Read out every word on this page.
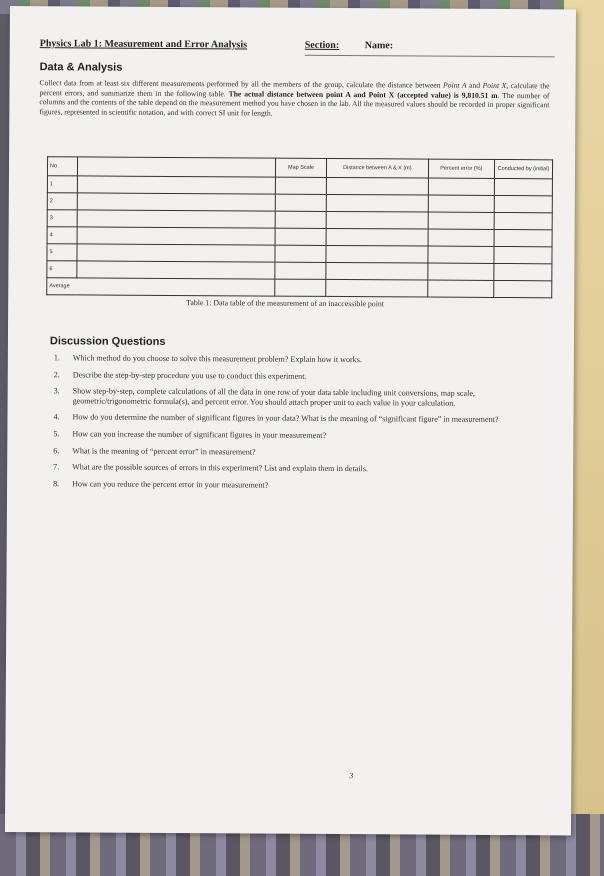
Physics Lab 1: Measurement and Error Analysis	Section:	Name:
Data & Analysis
Collect data from at least six different measurements performed by all the members of the group, calculate the distance between Point A and Point X, calculate the percent errors, and summarize them in the following table. The actual distance between point A and Point X (accepted value) is 9,810.51 m. The number of columns and the contents of the table depend on the measurement method you have chosen in the lab. All the measured values should be recorded in proper significant figures, represented in scientific notation, and with correct SI unit for length.
No		Map Scale	Distance between A & X (m)	Percent error (%)	Conducted by (initial)
1					
2					
3					
4					
5					
6					
Average					
Table 1: Data table of the measurement of an inaccessible point
Discussion Questions
1. Which method do you choose to solve this measurement problem? Explain how it works.
2. Describe the step-by-step procedure you use to conduct this experiment.
3. Show step-by-step, complete calculations of all the data in one row of your data table including unit conversions, map scale, geometric/trigonometric formula(s), and percent error. You should attach proper unit to each value in your calculation.
4. How do you determine the number of significant figures in your data? What is the meaning of “significant figure” in measurement?
5. How can you increase the number of significant figures in your measurement?
6. What is the meaning of “percent error” in measurement?
7. What are the possible sources of errors in this experiment? List and explain them in details.
8. How can you reduce the percent error in your measurement?
3
